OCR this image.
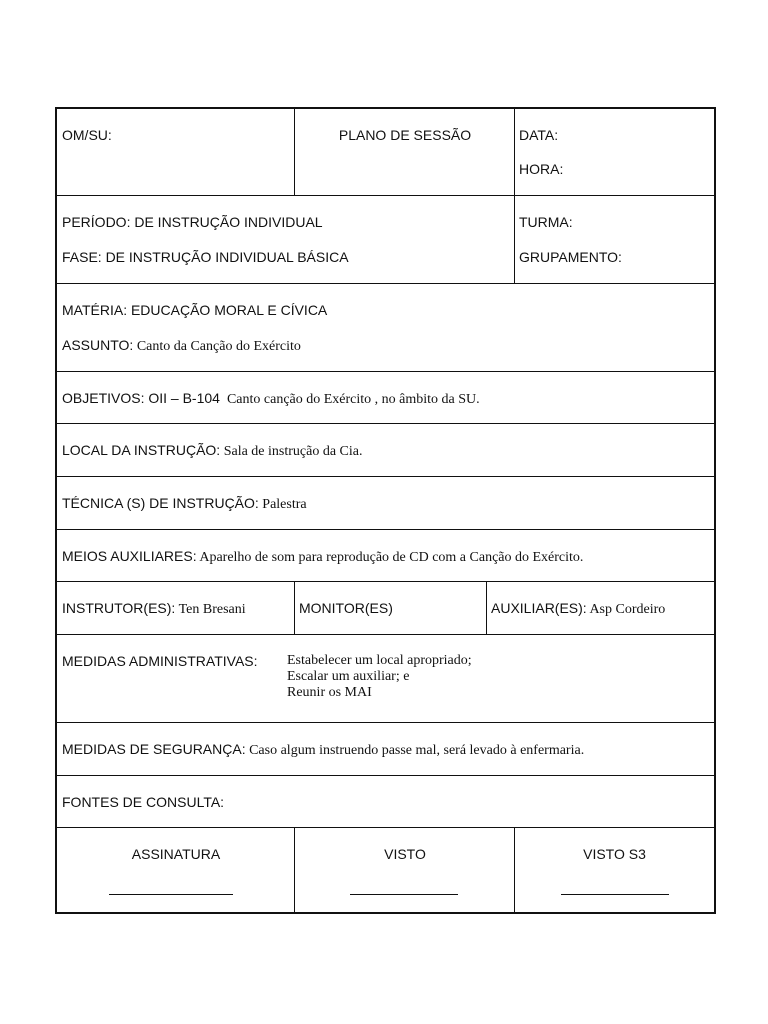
OM/SU:	PLANO DE SESSÃO	DATA:
HORA:
PERÍODO: DE INSTRUÇÃO INDIVIDUAL
FASE: DE INSTRUÇÃO INDIVIDUAL BÁSICA
TURMA:
GRUPAMENTO:
MATÉRIA: EDUCAÇÃO MORAL E CÍVICA
ASSUNTO: Canto da Canção do Exército
OBJETIVOS: OII – B-104 Canto canção do Exército , no âmbito da SU.
LOCAL DA INSTRUÇÃO: Sala de instrução da Cia.
TÉCNICA (S) DE INSTRUÇÃO: Palestra
MEIOS AUXILIARES: Aparelho de som para reprodução de CD com a Canção do Exército.
INSTRUTOR(ES): Ten Bresani	MONITOR(ES)	AUXILIAR(ES): Asp Cordeiro
MEDIDAS ADMINISTRATIVAS: Estabelecer um local apropriado;
Escalar um auxiliar; e
Reunir os MAI
MEDIDAS DE SEGURANÇA: Caso algum instruendo passe mal, será levado à enfermaria.
FONTES DE CONSULTA:
ASSINATURA	VISTO	VISTO S3
